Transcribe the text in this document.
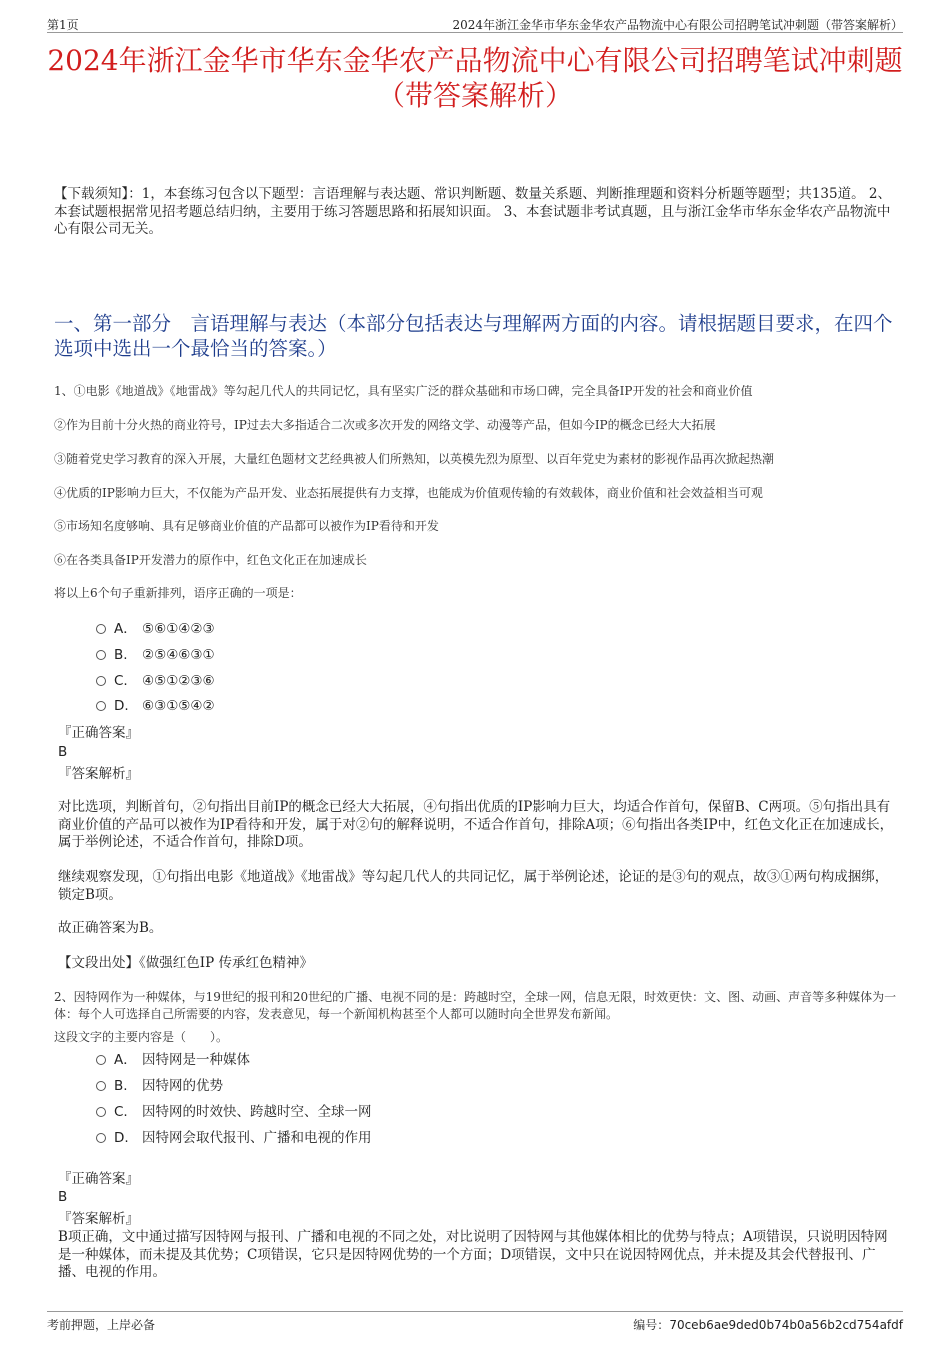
第1页	2024年浙江金华市华东金华农产品物流中心有限公司招聘笔试冲刺题（带答案解析）
2024年浙江金华市华东金华农产品物流中心有限公司招聘笔试冲刺题（带答案解析）
【下载须知】：1，本套练习包含以下题型：言语理解与表达题、常识判断题、数量关系题、判断推理题和资料分析题等题型；共135道。 2、本套试题根据常见招考题总结归纳，主要用于练习答题思路和拓展知识面。 3、本套试题非考试真题，且与浙江金华市华东金华农产品物流中心有限公司无关。
一、第一部分　言语理解与表达（本部分包括表达与理解两方面的内容。请根据题目要求，在四个选项中选出一个最恰当的答案。）
1、①电影《地道战》《地雷战》等勾起几代人的共同记忆，具有坚实广泛的群众基础和市场口碑，完全具备IP开发的社会和商业价值
②作为目前十分火热的商业符号，IP过去大多指适合二次或多次开发的网络文学、动漫等产品，但如今IP的概念已经大大拓展
③随着党史学习教育的深入开展，大量红色题材文艺经典被人们所熟知，以英模先烈为原型、以百年党史为素材的影视作品再次掀起热潮
④优质的IP影响力巨大，不仅能为产品开发、业态拓展提供有力支撑，也能成为价值观传输的有效载体，商业价值和社会效益相当可观
⑤市场知名度够响、具有足够商业价值的产品都可以被作为IP看待和开发
⑥在各类具备IP开发潜力的原作中，红色文化正在加速成长
将以上6个句子重新排列，语序正确的一项是：
A． ⑤⑥①④②③
B. ②⑤④⑥③①
C. ④⑤①②③⑥
D. ⑥③①⑤④②
『正确答案』
B
『答案解析』
对比选项，判断首句，②句指出目前IP的概念已经大大拓展，④句指出优质的IP影响力巨大，均适合作首句，保留B、C两项。⑤句指出具有商业价值的产品可以被作为IP看待和开发，属于对②句的解释说明，不适合作首句，排除A项；⑥句指出各类IP中，红色文化正在加速成长，属于举例论述，不适合作首句，排除D项。
继续观察发现，①句指出电影《地道战》《地雷战》等勾起几代人的共同记忆，属于举例论述，论证的是③句的观点，故③①两句构成捆绑，锁定B项。
故正确答案为B。
【文段出处】《做强红色IP 传承红色精神》
2、因特网作为一种媒体，与19世纪的报刊和20世纪的广播、电视不同的是：跨越时空，全球一网，信息无限，时效更快：文、图、动画、声音等多种媒体为一体：每个人可选择自己所需要的内容，发表意见，每一个新闻机构甚至个人都可以随时向全世界发布新闻。
这段文字的主要内容是（　　）。
A． 因特网是一种媒体
B. 因特网的优势
C. 因特网的时效快、跨越时空、全球一网
D. 因特网会取代报刊、广播和电视的作用
『正确答案』
B
『答案解析』
B项正确，文中通过描写因特网与报刊、广播和电视的不同之处，对比说明了因特网与其他媒体相比的优势与特点；A项错误，只说明因特网是一种媒体，而未提及其优势；C项错误，它只是因特网优势的一个方面；D项错误，文中只在说因特网优点，并未提及其会代替报刊、广播、电视的作用。
考前押题，上岸必备	编号：70ceb6ae9ded0b74b0a56b2cd754afdf
